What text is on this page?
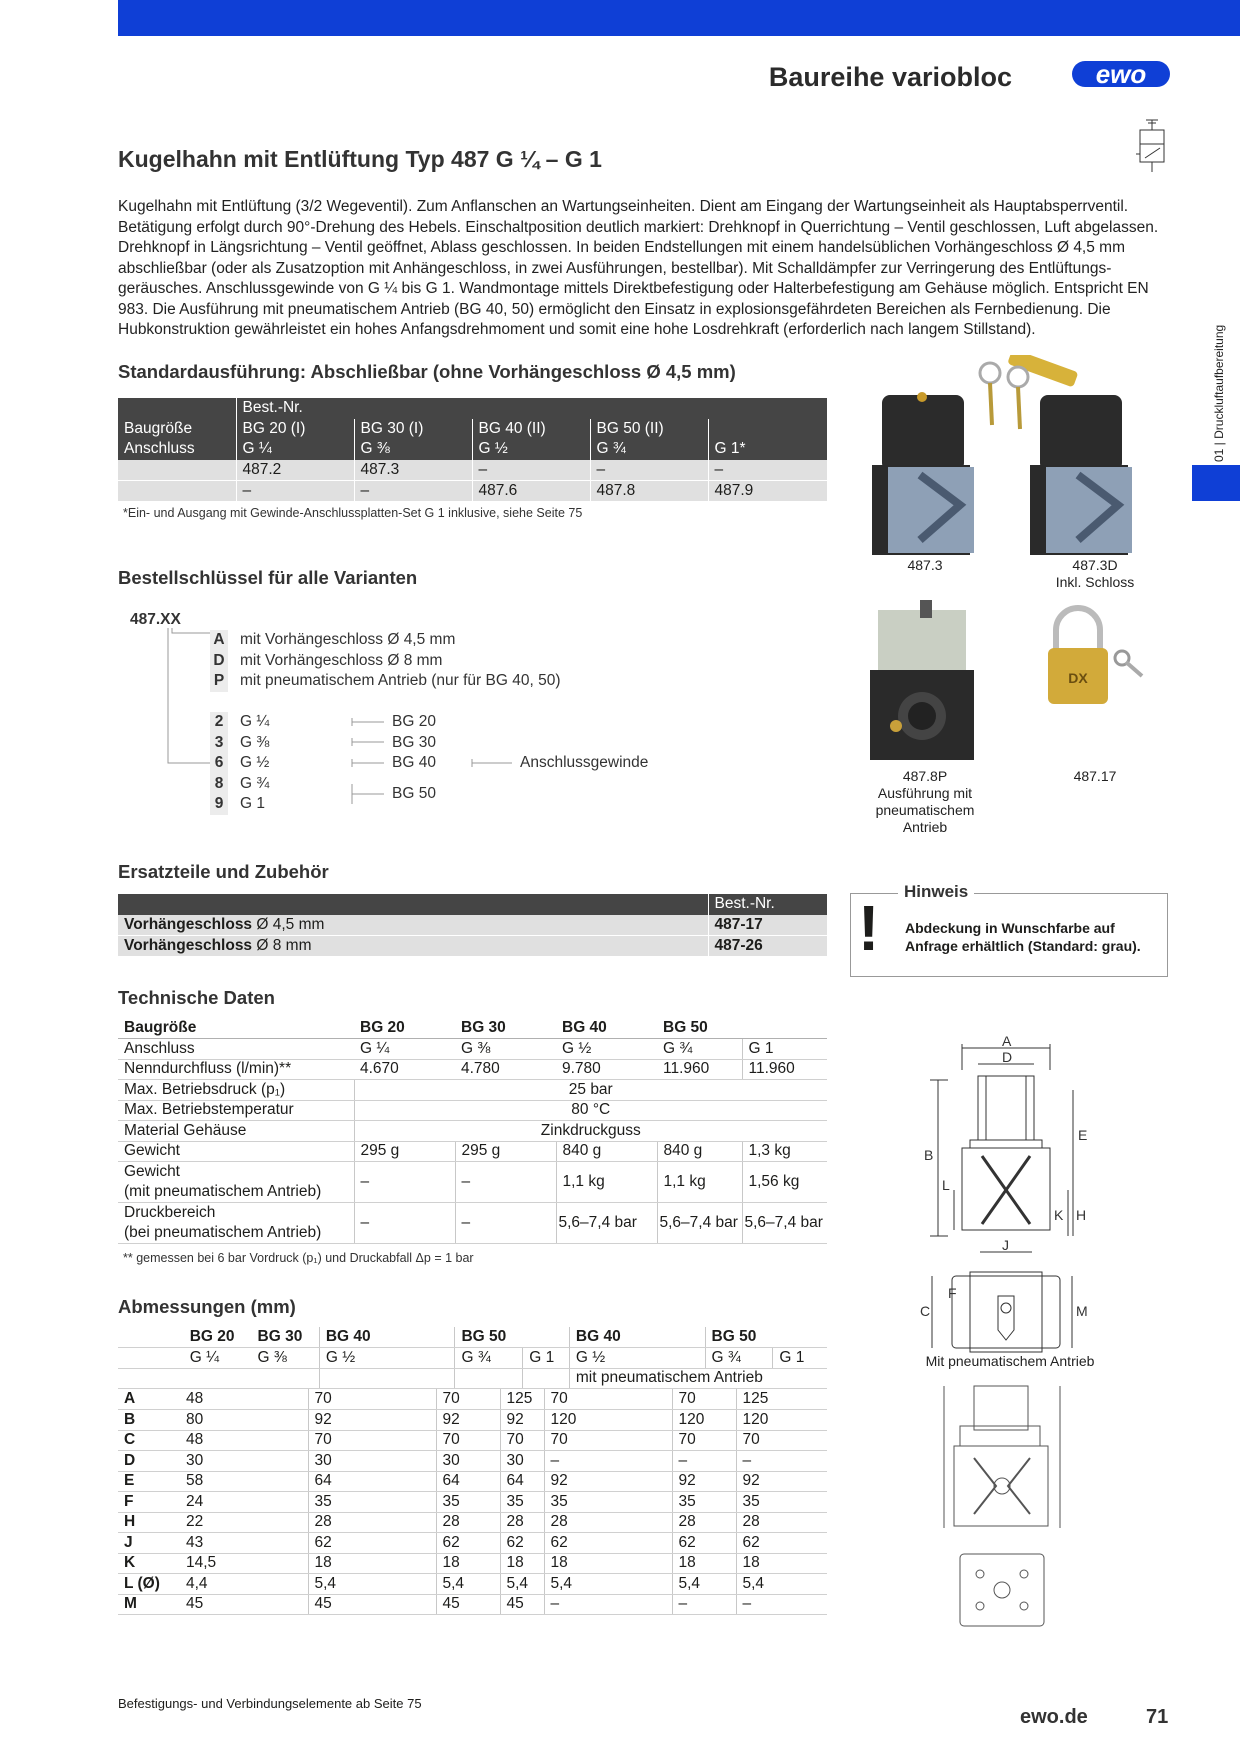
Baureihe variobloc	ewo
01 | Druckluftaufbereitung
Kugelhahn mit Entlüftung Typ 487 G ¼ – G 1

Kugelhahn mit Entlüftung (3/2 Wegeventil). Zum Anflanschen an Wartungseinheiten. Dient am Eingang der Wartungseinheit als Hauptabsperrventil. Betätigung erfolgt durch 90°-Drehung des Hebels. Einschaltposition deutlich markiert: Drehknopf in Querrichtung – Ventil geschlossen, Luft abgelassen. Drehknopf in Längsrichtung – Ventil geöffnet, Ablass geschlossen. In beiden Endstellungen mit einem handelsüblichen Vorhängeschloss Ø 4,5 mm abschließbar (oder als Zusatzoption mit Anhängeschloss, in zwei Ausführungen, bestellbar). Mit Schalldämpfer zur Verringerung des Entlüftungs-geräusches. Anschlussgewinde von G ¼ bis G 1. Wandmontage mittels Direktbefestigung oder Halterbefestigung am Gehäuse möglich. Entspricht EN 983. Die Ausführung mit pneumatischem Antrieb (BG 40, 50) ermöglicht den Einsatz in explosionsgefährdeten Bereichen als Fernbedienung. Die Hubkonstruktion gewährleistet ein hohes Anfangsdrehmoment und somit eine hohe Losdrehkraft (erforderlich nach langem Stillstand).

Standardausführung: Abschließbar (ohne Vorhängeschloss Ø 4,5 mm)
	Best.-Nr.				
Baugröße	BG 20 (I)	BG 30 (I)	BG 40 (II)	BG 50 (II)	
Anschluss	G ¼	G ⅜	G ½	G ¾	G 1*
	487.2	487.3	–	–	–
	–	–	487.6	487.8	487.9
*Ein- und Ausgang mit Gewinde-Anschlussplatten-Set G 1 inklusive, siehe Seite 75
487.3	487.3D
Inkl. Schloss
DX
487.8P
Ausführung mit
pneumatischem
Antrieb
487.17
Bestellschlüssel für alle Varianten
487.XX
A mit Vorhängeschloss Ø 4,5 mm
D mit Vorhängeschloss Ø 8 mm
P mit pneumatischem Antrieb (nur für BG 40, 50)
2	G ¼
3	G ⅜
6	G ½
8	G ¾
9	G 1
BG 20
BG 30
BG 40
BG 50
Anschlussgewinde
Ersatzteile und Zubehör
	Best.-Nr.
Vorhängeschloss Ø 4,5 mm	487-17
Vorhängeschloss Ø 8 mm	487-26
Hinweis
! Abdeckung in Wunschfarbe auf
Anfrage erhältlich (Standard: grau).
Technische Daten
Baugröße	BG 20	BG 30	BG 40	BG 50	
Anschluss	G ¼	G ⅜	G ½	G ¾	G 1
Nenndurchfluss (l/min)**	4.670	4.780	9.780	11.960	11.960
Max. Betriebsdruck (p₁)	25 bar				
Max. Betriebstemperatur	80 °C				
Material Gehäuse	Zinkdruckguss				
Gewicht	295 g	295 g	840 g	840 g	1,3 kg

Gewicht
(mit pneumatischem Antrieb)	–	–	1,1 kg	1,1 kg	1,56 kg

Druckbereich
(bei pneumatischem Antrieb)	–	–	5,6–7,4 bar	5,6–7,4 bar	5,6–7,4 bar
** gemessen bei 6 bar Vordruck (p₁) und Druckabfall Δp = 1 bar
Abmessungen (mm)
	BG 20	BG 30	BG 40		BG 50		BG 40		BG 50	
	G ¼	G ⅜	G ½		G ¾	G 1	G ½		G ¾	G 1
							mit pneumatischem Antrieb			
A	48	70	70	125	70	70	125
B	80	92	92	92	120	120	120
C	48	70	70	70	70	70	70
D	30	30	30	30	–	–	–
E	58	64	64	64	92	92	92
F	24	35	35	35	35	35	35
H	22	28	28	28	28	28	28
J	43	62	62	62	62	62	62
K	14,5	18	18	18	18	18	18
L (Ø)	4,4	5,4	5,4	5,4	5,4	5,4	5,4
M	45	45	45	45	–	–	–
A
D
E
B
L
K H
J
F
C	M
Mit pneumatischem Antrieb
Befestigungs- und Verbindungselemente ab Seite 75
ewo.de	71
